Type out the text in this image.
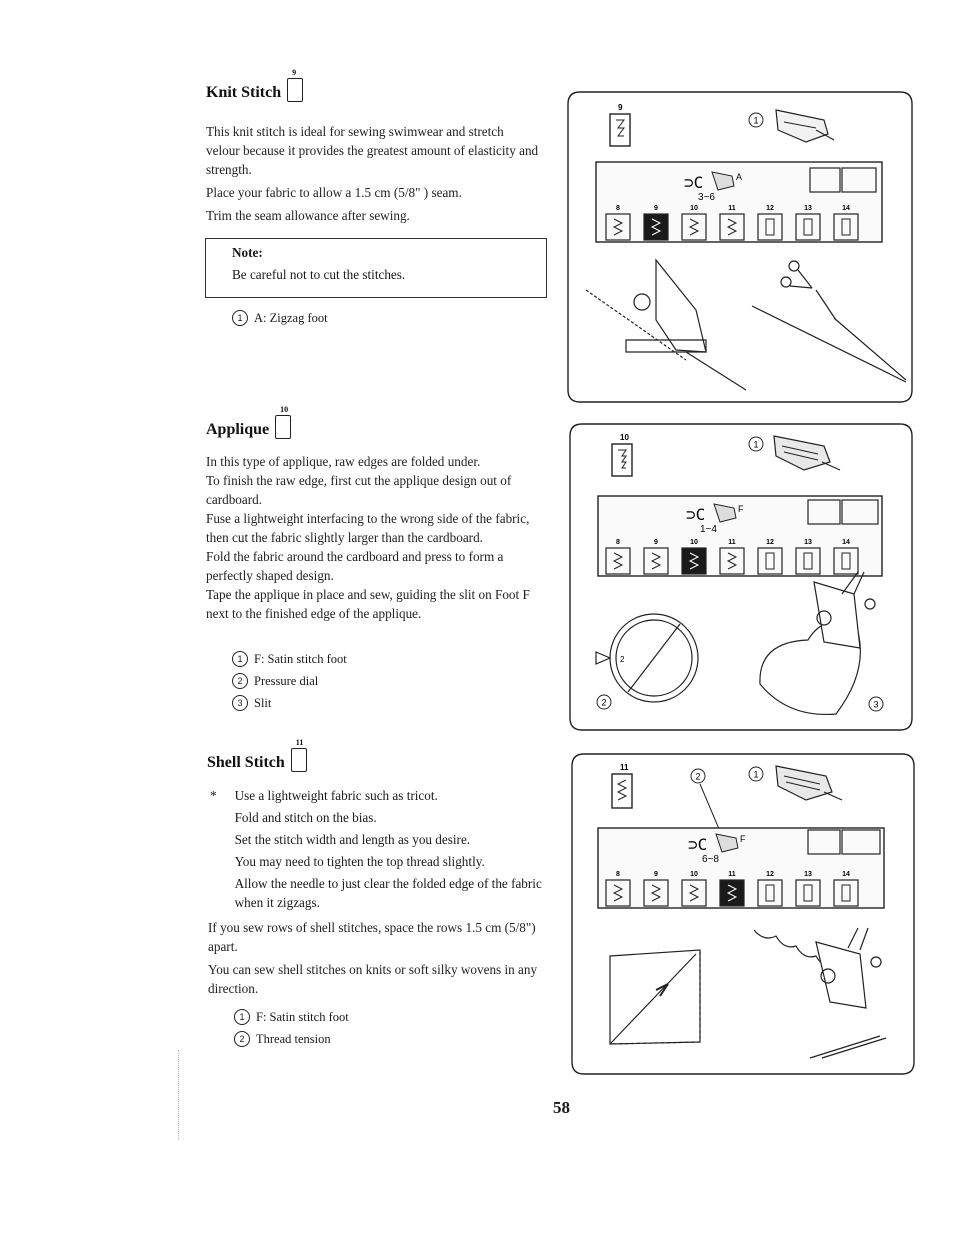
Knit Stitch
9

This knit stitch is ideal for sewing swimwear and stretch velour because it provides the greatest amount of elasticity and strength.

Place your fabric to allow a 1.5 cm (5/8" ) seam.

Trim the seam allowance after sewing.

Note:
Be careful not to cut the stitches.
1 A: Zigzag foot
9
1
⊃C	A
3~6
8	9	10	11	12	13	14
Applique
10

In this type of applique, raw edges are folded under.

To finish the raw edge, first cut the applique design out of cardboard.

Fuse a lightweight interfacing to the wrong side of the fabric, then cut the fabric slightly larger than the cardboard.

Fold the fabric around the cardboard and press to form a perfectly shaped design.

Tape the applique in place and sew, guiding the slit on Foot F next to the finished edge of the applique.

1 F: Satin stitch foot
2 Pressure dial
3 Slit
10
1
⊃C	F
1~4
8	9	10	11	12	13	14
2
2	3
Shell Stitch
11
* Use a lightweight fabric such as tricot.

Fold and stitch on the bias.

Set the stitch width and length as you desire.

You may need to tighten the top thread slightly.

Allow the needle to just clear the folded edge of the fabric when it zigzags.

If you sew rows of shell stitches, space the rows 1.5 cm (5/8") apart.

You can sew shell stitches on knits or soft silky wovens in any direction.

1 F: Satin stitch foot
2 Thread tension
11
2	1
⊃C	F
6~8
8	9	10	11	12	13	14
58
